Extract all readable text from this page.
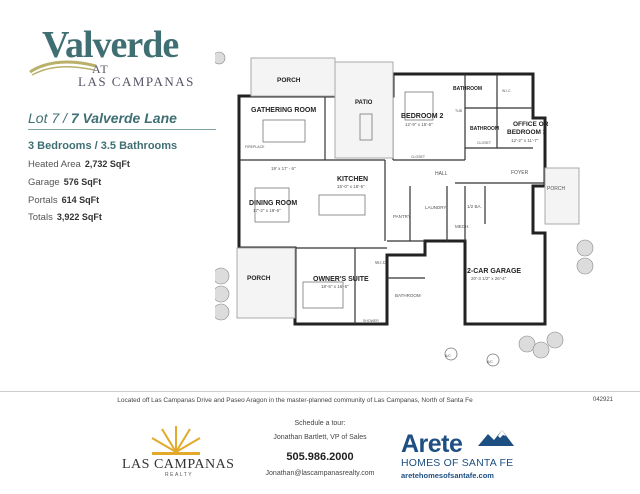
Valverde
AT
LAS CAMPANAS
Lot 7 / 7 Valverde Lane
3 Bedrooms / 3.5 Bathrooms
Heated Area 2,732 SqFt
Garage 576 SqFt
Portals 614 SqFt
Totals 3,922 SqFt
PORCH
PATIO
GATHERING ROOM
19' x 17' - 6"
FIREPLACE
BEDROOM 2
12'-9" x 15'-5"
CLOSET
CLOSET
BATHROOM
BATHROOM
W.I.C.
TUB
OFFICE OR
BEDROOM 3
12'-2" x 11'-7"
KITCHEN
15'-0" x 18'-5"
HALL	FOYER
PORCH
DINING ROOM
17'-2" x 18'-6"
PANTRY
LAUNDRY	1/2 BA.
MECH.
PORCH	OWNER'S SUITE
18'-5" x 16'-5"
W.I.C.
BATHROOM
SHOWER
2-CAR GARAGE
20'-3 1/2" x 26'-4"
A/C
A/C
Located off Las Campanas Drive and Paseo Aragon in the master-planned community of Las Campanas, North of Santa Fe	042921
LAS CAMPANAS
REALTY
Schedule a tour:
Jonathan Bartlett, VP of Sales
505.986.2000
Jonathan@lascampanasrealty.com
Arete
HOMES OF SANTA FE
aretehomesofsantafe.com
